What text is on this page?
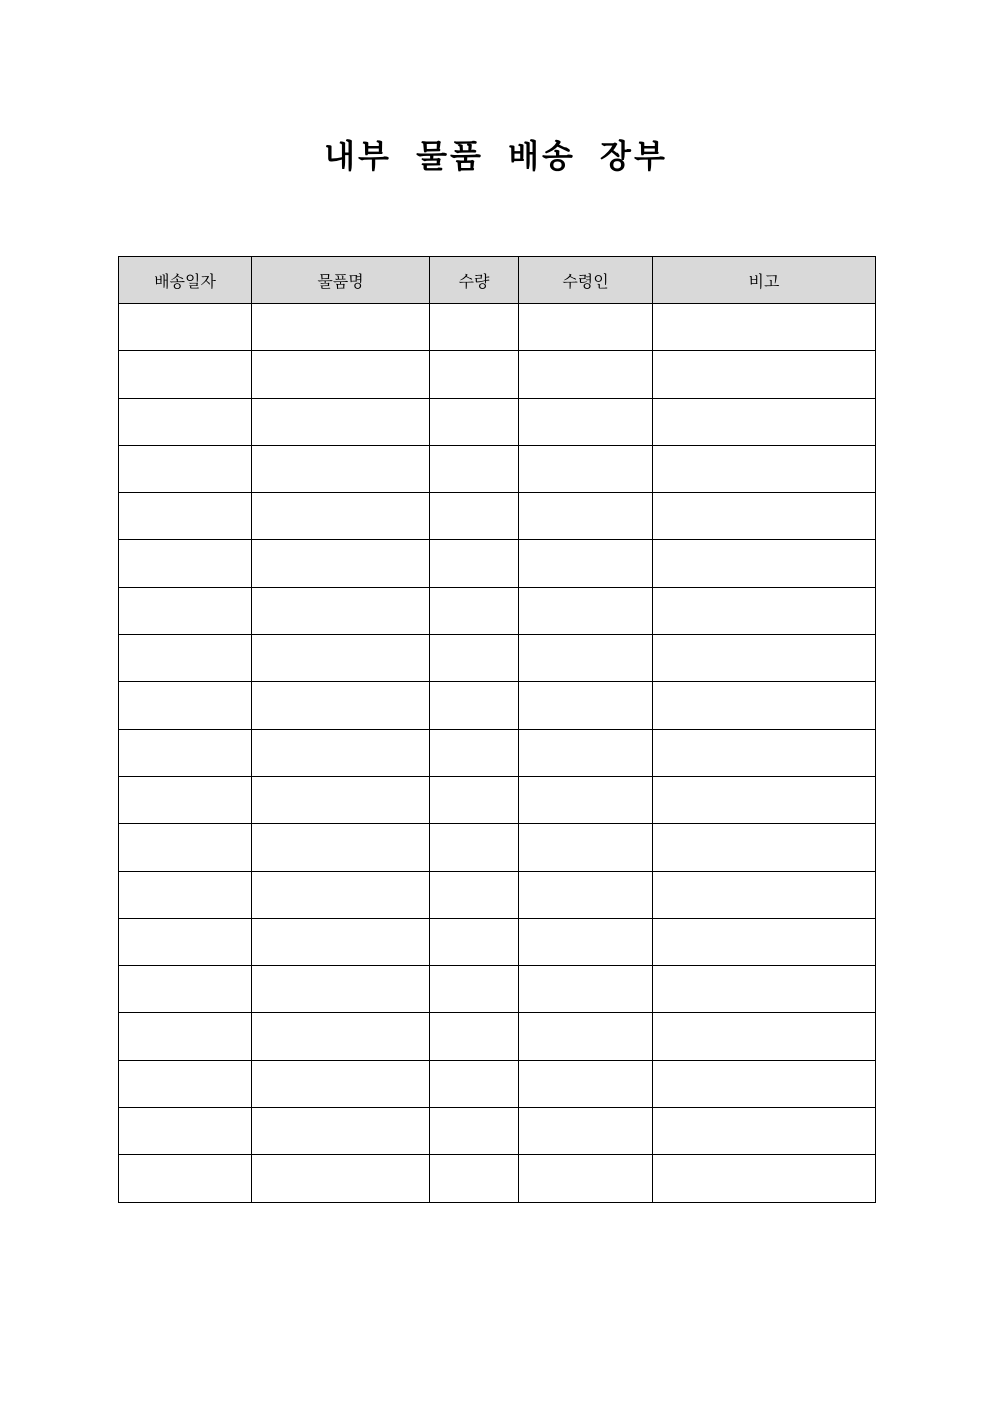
내부 물품 배송 장부
배송일자	물품명	수량	수령인	비고
